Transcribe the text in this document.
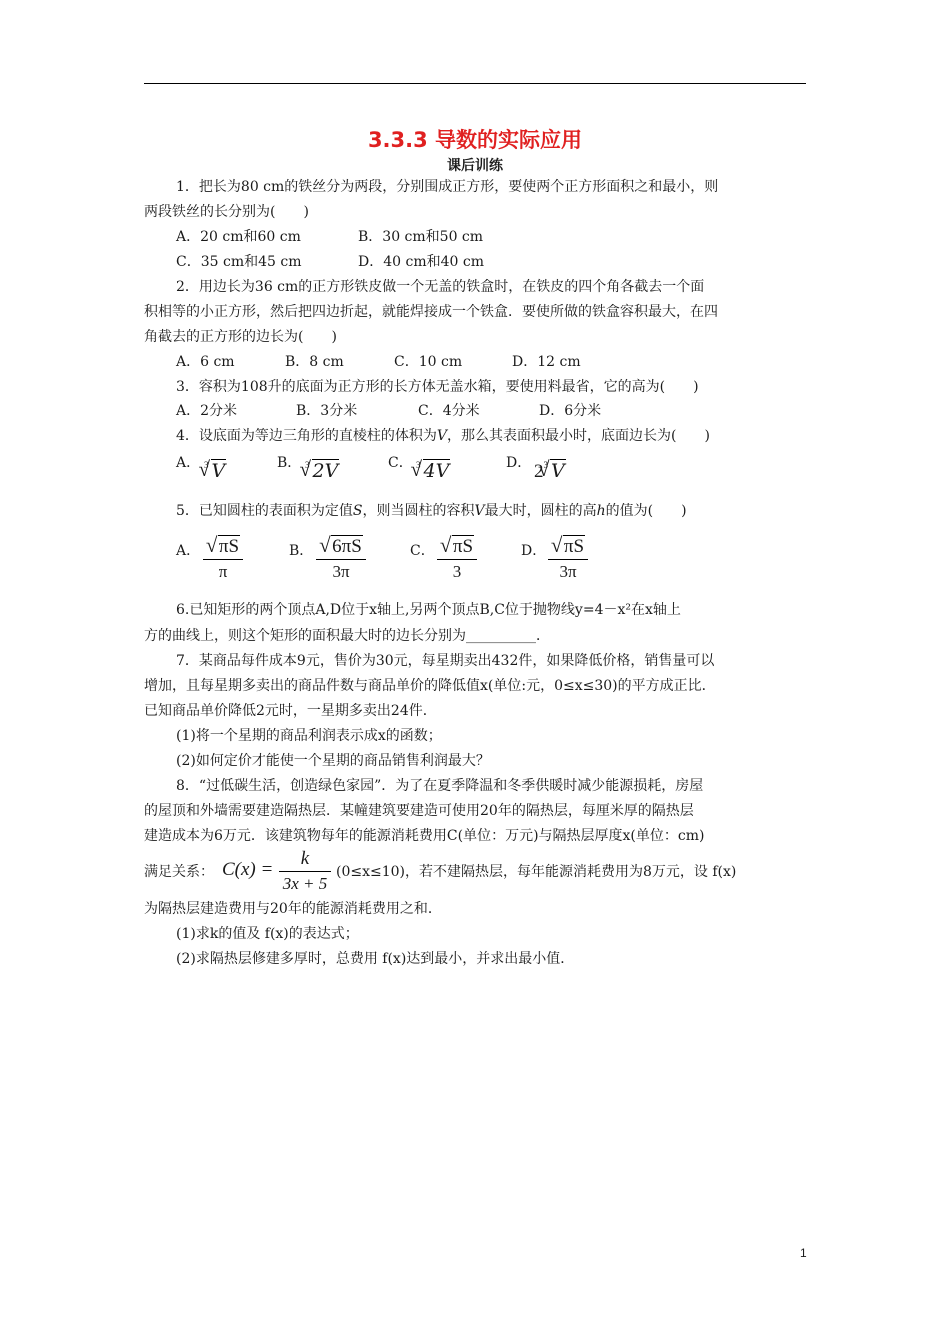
3.3.3 导数的实际应用
课后训练
1．把长为80 cm的铁丝分为两段，分别围成正方形，要使两个正方形面积之和最小，则
两段铁丝的长分别为(　　)
A．20 cm和60 cm	B．30 cm和50 cm
C．35 cm和45 cm	D．40 cm和40 cm
2．用边长为36 cm的正方形铁皮做一个无盖的铁盒时，在铁皮的四个角各截去一个面
积相等的小正方形，然后把四边折起，就能焊接成一个铁盒．要使所做的铁盒容积最大，在四
角截去的正方形的边长为(　　)
A．6 cm	B．8 cm	C．10 cm	D．12 cm
3．容积为108升的底面为正方形的长方体无盖水箱，要使用料最省，它的高为(　　)
A．2分米	B．3分米	C．4分米	D．6分米
4．设底面为等边三角形的直棱柱的体积为V，那么其表面积最小时，底面边长为(　　)
A． $^3$√ V	B． $^3$√ 2V	C． $^3$√ 4V	D． $2^3√$ V
5．已知圆柱的表面积为定值S，则当圆柱的容积V最大时，圆柱的高h的值为(　　)
A．
√ $\frac{\pi S}{\pi}$	B．
√ $\frac{6\pi S}{3\pi}$	C．
√ $\frac{\pi S}{3}$	D．
√ $\frac{\pi S}{3\pi}$
6.已知矩形的两个顶点A,D位于x轴上,另两个顶点B,C位于抛物线y=4－x²在x轴上
方的曲线上，则这个矩形的面积最大时的边长分别为__________．
7．某商品每件成本9元，售价为30元，每星期卖出432件，如果降低价格，销售量可以
增加，且每星期多卖出的商品件数与商品单价的降低值x(单位:元，0≤x≤30)的平方成正比．
已知商品单价降低2元时，一星期多卖出24件．
(1)将一个星期的商品利润表示成x的函数；
(2)如何定价才能使一个星期的商品销售利润最大？
8．“过低碳生活，创造绿色家园”．为了在夏季降温和冬季供暖时减少能源损耗，房屋
的屋顶和外墙需要建造隔热层．某幢建筑要建造可使用20年的隔热层，每厘米厚的隔热层
建造成本为6万元．该建筑物每年的能源消耗费用C(单位：万元)与隔热层厚度x(单位：cm)
满足关系： $C(x) = \frac{k}{3x + 5} (0\le x\le 10)$，若不建隔热层，每年能源消耗费用为8万元，设 f(x)
为隔热层建造费用与20年的能源消耗费用之和．
(1)求k的值及 f(x)的表达式；
(2)求隔热层修建多厚时，总费用 f(x)达到最小，并求出最小值．
1
